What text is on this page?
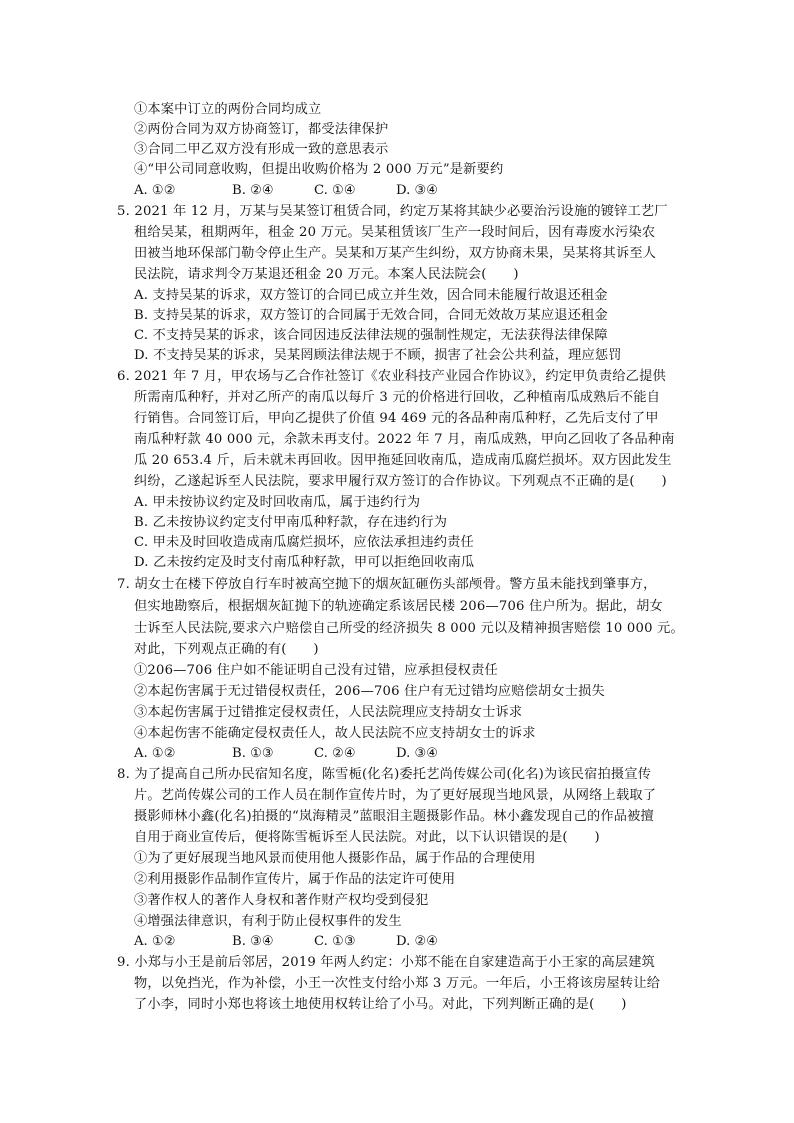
①本案中订立的两份合同均成立
②两份合同为双方协商签订，都受法律保护
③合同二甲乙双方没有形成一致的意思表示
④“甲公司同意收购，但提出收购价格为 2 000 万元”是新要约
A. ①②	B. ②④	C. ①④	D. ③④
5. 2021 年 12 月，万某与吴某签订租赁合同，约定万某将其缺少必要治污设施的镀锌工艺厂
租给吴某，租期两年，租金 20 万元。吴某租赁该厂生产一段时间后，因有毒废水污染农
田被当地环保部门勒令停止生产。吴某和万某产生纠纷，双方协商未果，吴某将其诉至人
民法院，请求判令万某退还租金 20 万元。本案人民法院会(　　)
A. 支持吴某的诉求，双方签订的合同已成立并生效，因合同未能履行故退还租金
B. 支持吴某的诉求，双方签订的合同属于无效合同，合同无效故万某应退还租金
C. 不支持吴某的诉求，该合同因违反法律法规的强制性规定，无法获得法律保障
D. 不支持吴某的诉求，吴某罔顾法律法规于不顾，损害了社会公共利益，理应惩罚
6. 2021 年 7 月，甲农场与乙合作社签订《农业科技产业园合作协议》，约定甲负责给乙提供
所需南瓜种籽，并对乙所产的南瓜以每斤 3 元的价格进行回收，乙种植南瓜成熟后不能自
行销售。合同签订后，甲向乙提供了价值 94 469 元的各品种南瓜种籽，乙先后支付了甲
南瓜种籽款 40 000 元，余款未再支付。2022 年 7 月，南瓜成熟，甲向乙回收了各品种南
瓜 20 653.4 斤，后未就未再回收。因甲拖延回收南瓜，造成南瓜腐烂损坏。双方因此发生
纠纷，乙遂起诉至人民法院，要求甲履行双方签订的合作协议。下列观点不正确的是(　　)
A. 甲未按协议约定及时回收南瓜，属于违约行为
B. 乙未按协议约定支付甲南瓜种籽款，存在违约行为
C. 甲未及时回收造成南瓜腐烂损坏，应依法承担违约责任
D. 乙未按约定及时支付南瓜种籽款，甲可以拒绝回收南瓜
7. 胡女士在楼下停放自行车时被高空抛下的烟灰缸砸伤头部颅骨。警方虽未能找到肇事方，
但实地勘察后，根据烟灰缸抛下的轨迹确定系该居民楼 206—706 住户所为。据此，胡女
士诉至人民法院,要求六户赔偿自己所受的经济损失 8 000 元以及精神损害赔偿 10 000 元。
对此，下列观点正确的有(　　)
①206—706 住户如不能证明自己没有过错，应承担侵权责任
②本起伤害属于无过错侵权责任，206—706 住户有无过错均应赔偿胡女士损失
③本起伤害属于过错推定侵权责任，人民法院理应支持胡女士诉求
④本起伤害不能确定侵权责任人，故人民法院不应支持胡女士的诉求
A. ①②	B. ①③	C. ②④	D. ③④
8. 为了提高自己所办民宿知名度，陈雪栀(化名)委托艺尚传媒公司(化名)为该民宿拍摄宣传
片。艺尚传媒公司的工作人员在制作宣传片时，为了更好展现当地风景，从网络上载取了
摄影师林小鑫(化名)拍摄的“岚海精灵”蓝眼泪主题摄影作品。林小鑫发现自己的作品被擅
自用于商业宣传后，便将陈雪栀诉至人民法院。对此，以下认识错误的是(　　)
①为了更好展现当地风景而使用他人摄影作品，属于作品的合理使用
②利用摄影作品制作宣传片，属于作品的法定许可使用
③著作权人的著作人身权和著作财产权均受到侵犯
④增强法律意识，有利于防止侵权事件的发生
A. ①②	B. ③④	C. ①③	D. ②④
9. 小郑与小王是前后邻居，2019 年两人约定：小郑不能在自家建造高于小王家的高层建筑
物，以免挡光，作为补偿，小王一次性支付给小郑 3 万元。一年后，小王将该房屋转让给
了小李，同时小郑也将该土地使用权转让给了小马。对此，下列判断正确的是(　　)
